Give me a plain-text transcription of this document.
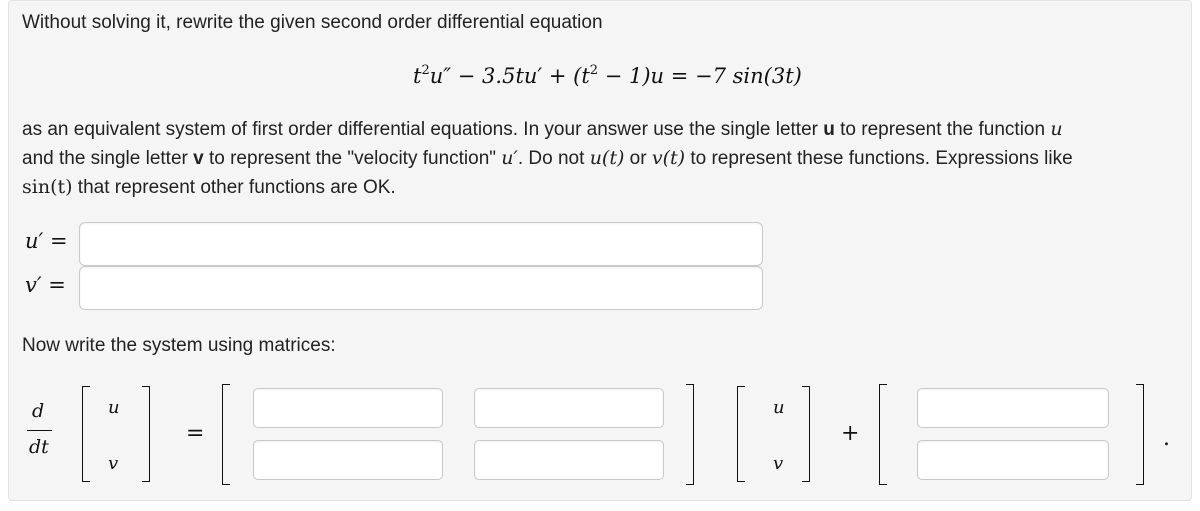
Without solving it, rewrite the given second order differential equation
$t^2u'' - 3.5tu' + (t^2 - 1)u = -7$ sin(3t)
as an equivalent system of first order differential equations. In your answer use the single letter u to represent the function u
and the single letter v to represent the "velocity function" u′. Do not u(t) or v(t) to represent these functions. Expressions like
sin(t) that represent other functions are OK.
u′ =
v′ =
Now write the system using matrices:
d
dt
u
v
=
u
v
+	.
